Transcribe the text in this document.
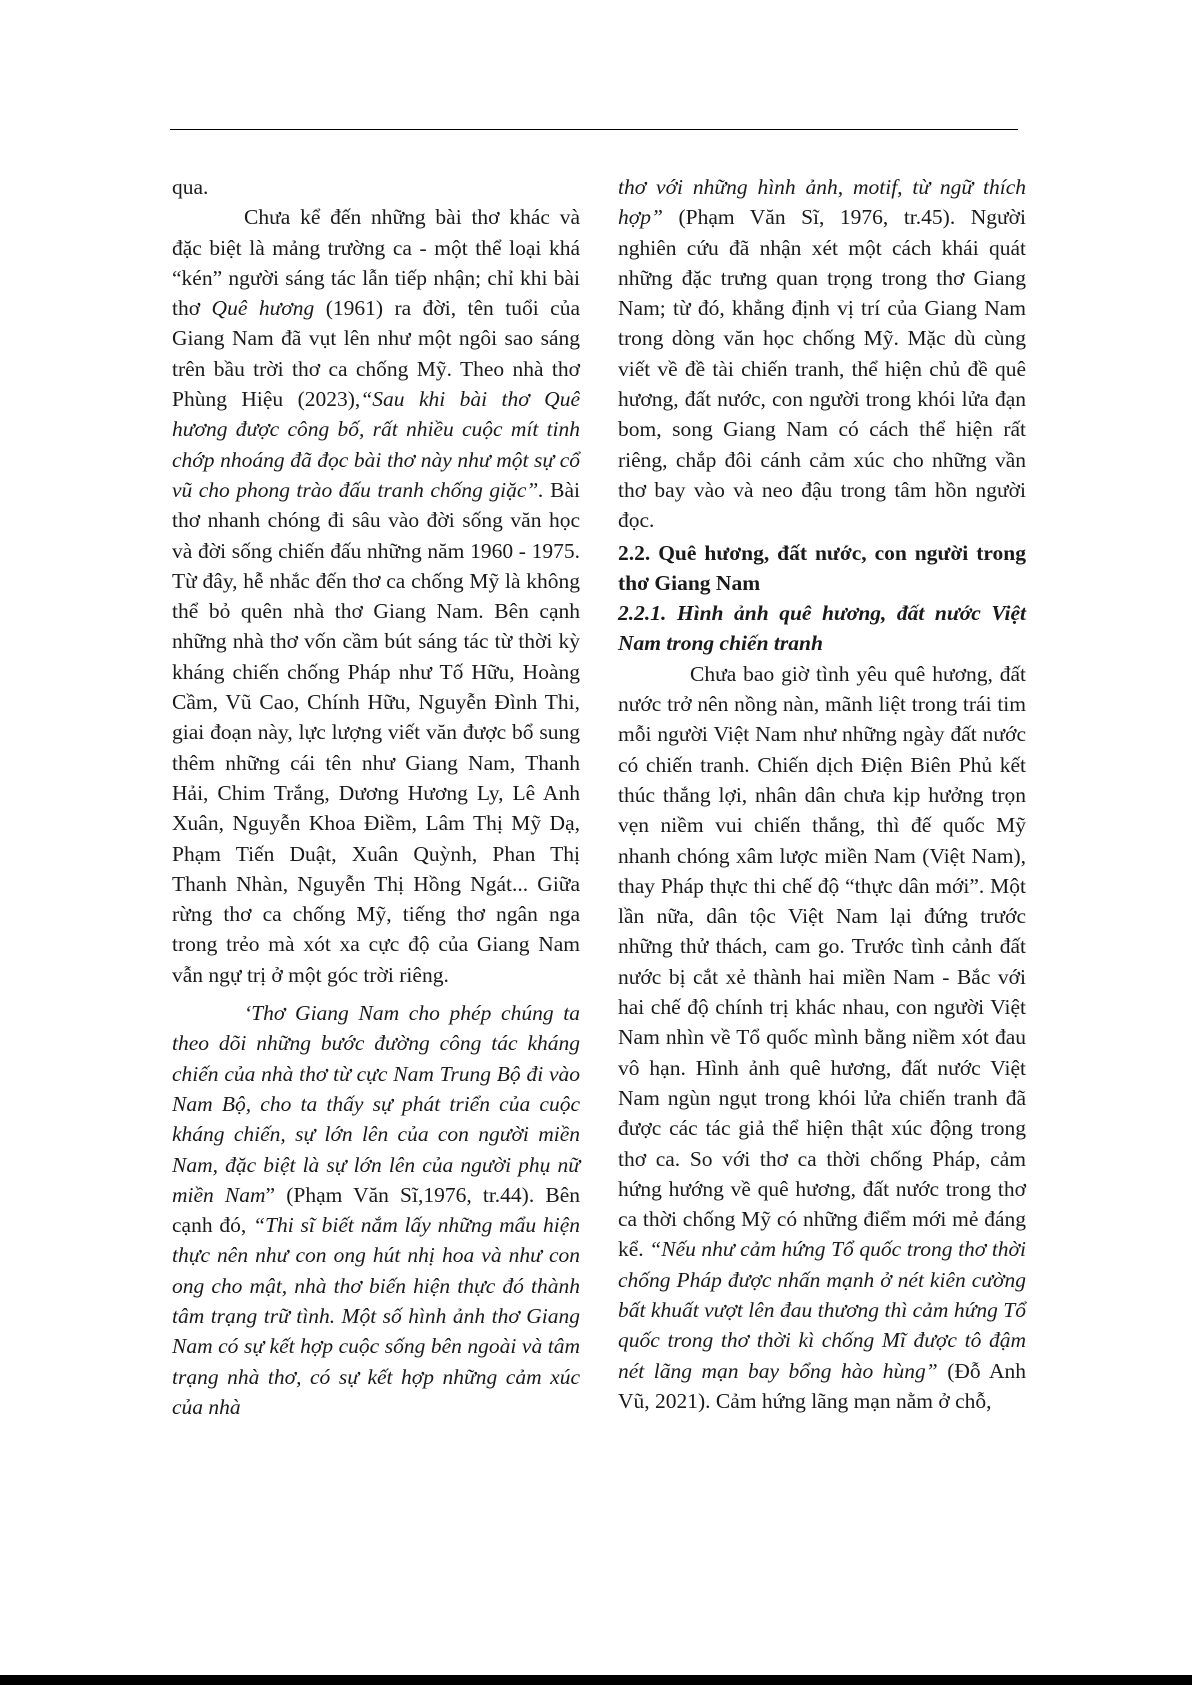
qua.

Chưa kể đến những bài thơ khác và đặc biệt là mảng trường ca - một thể loại khá “kén” người sáng tác lẫn tiếp nhận; chỉ khi bài thơ Quê hương (1961) ra đời, tên tuổi của Giang Nam đã vụt lên như một ngôi sao sáng trên bầu trời thơ ca chống Mỹ. Theo nhà thơ Phùng Hiệu (2023),“Sau khi bài thơ Quê hương được công bố, rất nhiều cuộc mít tinh chớp nhoáng đã đọc bài thơ này như một sự cổ vũ cho phong trào đấu tranh chống giặc”. Bài thơ nhanh chóng đi sâu vào đời sống văn học và đời sống chiến đấu những năm 1960 - 1975. Từ đây, hễ nhắc đến thơ ca chống Mỹ là không thể bỏ quên nhà thơ Giang Nam. Bên cạnh những nhà thơ vốn cầm bút sáng tác từ thời kỳ kháng chiến chống Pháp như Tố Hữu, Hoàng Cầm, Vũ Cao, Chính Hữu, Nguyễn Đình Thi, giai đoạn này, lực lượng viết văn được bổ sung thêm những cái tên như Giang Nam, Thanh Hải, Chim Trắng, Dương Hương Ly, Lê Anh Xuân, Nguyễn Khoa Điềm, Lâm Thị Mỹ Dạ, Phạm Tiến Duật, Xuân Quỳnh, Phan Thị Thanh Nhàn, Nguyễn Thị Hồng Ngát... Giữa rừng thơ ca chống Mỹ, tiếng thơ ngân nga trong trẻo mà xót xa cực độ của Giang Nam vẫn ngự trị ở một góc trời riêng.

‘Thơ Giang Nam cho phép chúng ta theo dõi những bước đường công tác kháng chiến của nhà thơ từ cực Nam Trung Bộ đi vào Nam Bộ, cho ta thấy sự phát triển của cuộc kháng chiến, sự lớn lên của con người miền Nam, đặc biệt là sự lớn lên của người phụ nữ miền Nam” (Phạm Văn Sĩ,1976, tr.44). Bên cạnh đó, “Thi sĩ biết nắm lấy những mẩu hiện thực nên như con ong hút nhị hoa và như con ong cho mật, nhà thơ biến hiện thực đó thành tâm trạng trữ tình. Một số hình ảnh thơ Giang Nam có sự kết hợp cuộc sống bên ngoài và tâm trạng nhà thơ, có sự kết hợp những cảm xúc của nhà

thơ với những hình ảnh, motif, từ ngữ thích hợp” (Phạm Văn Sĩ, 1976, tr.45). Người nghiên cứu đã nhận xét một cách khái quát những đặc trưng quan trọng trong thơ Giang Nam; từ đó, khẳng định vị trí của Giang Nam trong dòng văn học chống Mỹ. Mặc dù cùng viết về đề tài chiến tranh, thể hiện chủ đề quê hương, đất nước, con người trong khói lửa đạn bom, song Giang Nam có cách thể hiện rất riêng, chắp đôi cánh cảm xúc cho những vần thơ bay vào và neo đậu trong tâm hồn người đọc.

2.2. Quê hương, đất nước, con người trong thơ Giang Nam

2.2.1. Hình ảnh quê hương, đất nước Việt Nam trong chiến tranh

Chưa bao giờ tình yêu quê hương, đất nước trở nên nồng nàn, mãnh liệt trong trái tim mỗi người Việt Nam như những ngày đất nước có chiến tranh. Chiến dịch Điện Biên Phủ kết thúc thắng lợi, nhân dân chưa kịp hưởng trọn vẹn niềm vui chiến thắng, thì đế quốc Mỹ nhanh chóng xâm lược miền Nam (Việt Nam), thay Pháp thực thi chế độ “thực dân mới”. Một lần nữa, dân tộc Việt Nam lại đứng trước những thử thách, cam go. Trước tình cảnh đất nước bị cắt xẻ thành hai miền Nam - Bắc với hai chế độ chính trị khác nhau, con người Việt Nam nhìn về Tổ quốc mình bằng niềm xót đau vô hạn. Hình ảnh quê hương, đất nước Việt Nam ngùn ngụt trong khói lửa chiến tranh đã được các tác giả thể hiện thật xúc động trong thơ ca. So với thơ ca thời chống Pháp, cảm hứng hướng về quê hương, đất nước trong thơ ca thời chống Mỹ có những điểm mới mẻ đáng kể. “Nếu như cảm hứng Tổ quốc trong thơ thời chống Pháp được nhấn mạnh ở nét kiên cường bất khuất vượt lên đau thương thì cảm hứng Tổ quốc trong thơ thời kì chống Mĩ được tô đậm nét lãng mạn bay bổng hào hùng” (Đỗ Anh Vũ, 2021). Cảm hứng lãng mạn nằm ở chỗ,
